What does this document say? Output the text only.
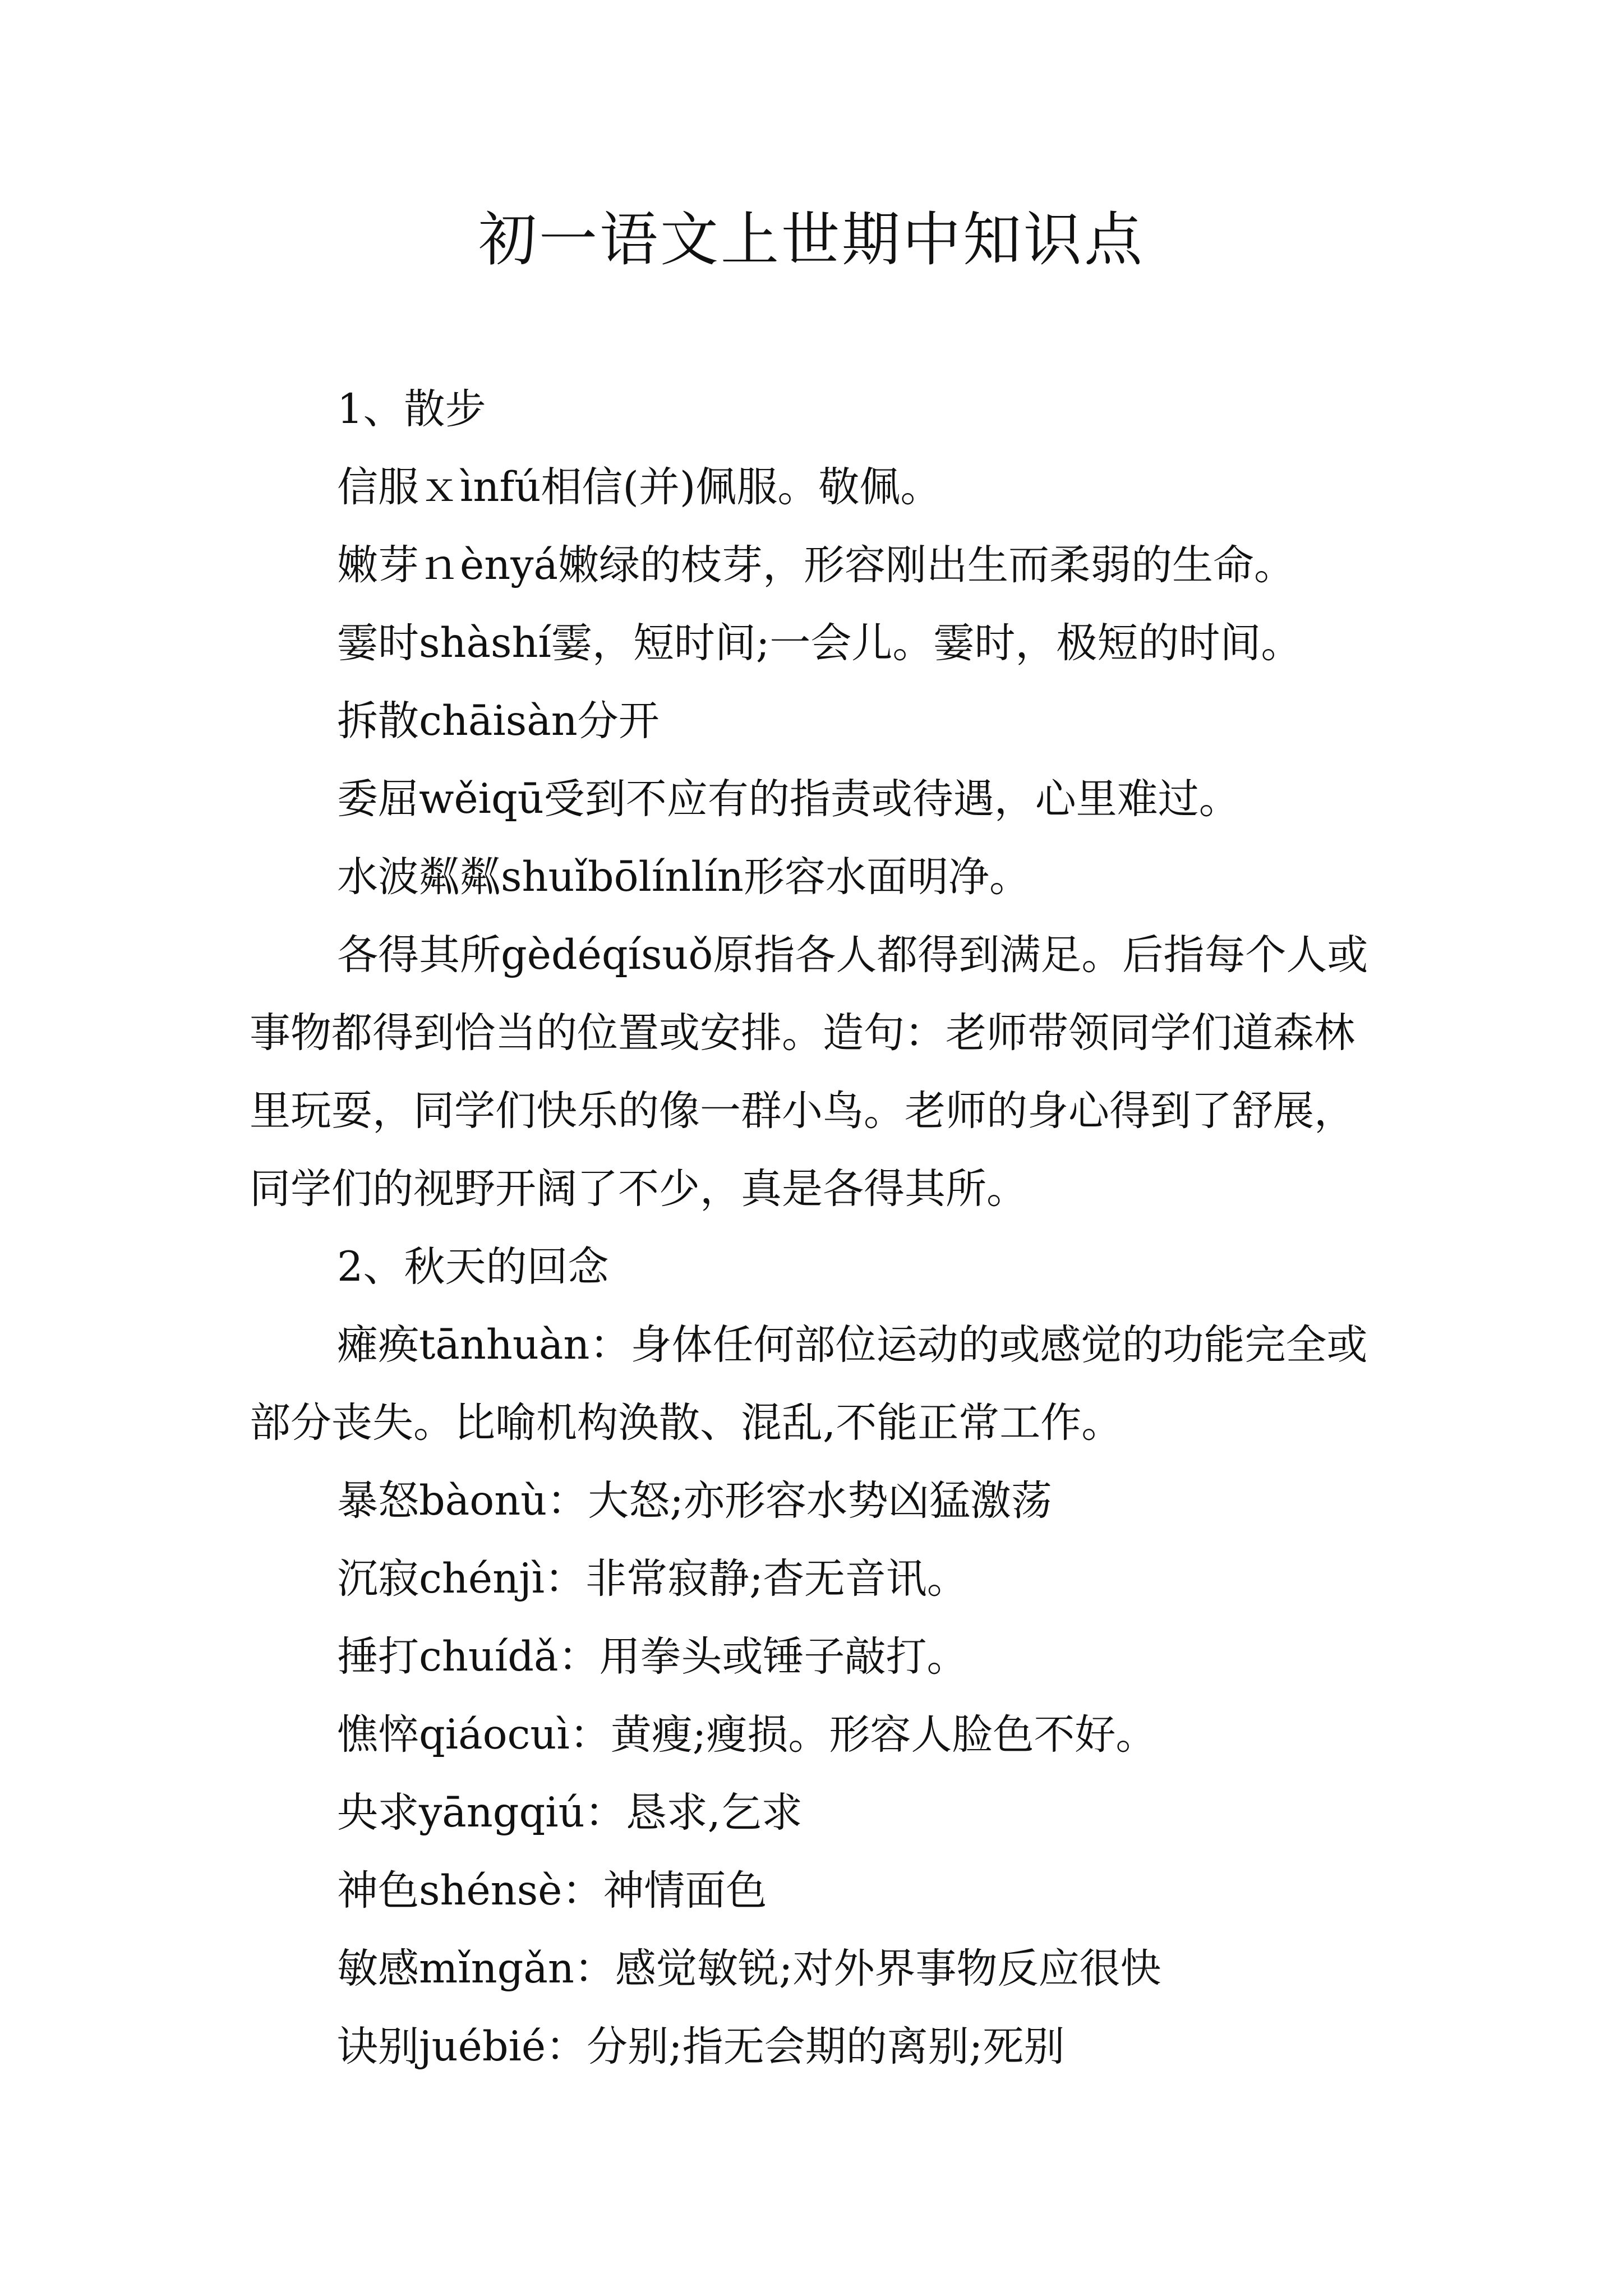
初一语文上世期中知识点

1、散步

信服ｘìnfú相信(并)佩服。敬佩。

嫩芽ｎènyá嫩绿的枝芽，形容刚出生而柔弱的生命。

霎时shàshí霎，短时间;一会儿。霎时，极短的时间。

拆散chāisàn分开

委屈wěiqū受到不应有的指责或待遇，心里难过。

水波粼粼shuǐbōlínlín形容水面明净。

各得其所gèdéqísuǒ原指各人都得到满足。后指每个人或事物都得到恰当的位置或安排。造句：老师带领同学们道森林里玩耍，同学们快乐的像一群小鸟。老师的身心得到了舒展，同学们的视野开阔了不少，真是各得其所。

2、秋天的回念

瘫痪tānhuàn：身体任何部位运动的或感觉的功能完全或部分丧失。比喻机构涣散、混乱,不能正常工作。

暴怒bàonù：大怒;亦形容水势凶猛激荡

沉寂chénjì：非常寂静;杳无音讯。

捶打chuídǎ：用拳头或锤子敲打。

憔悴qiáocuì：黄瘦;瘦损。形容人脸色不好。

央求yāngqiú：恳求,乞求

神色shénsè：神情面色

敏感mǐngǎn：感觉敏锐;对外界事物反应很快

诀别juébié：分别;指无会期的离别;死别
